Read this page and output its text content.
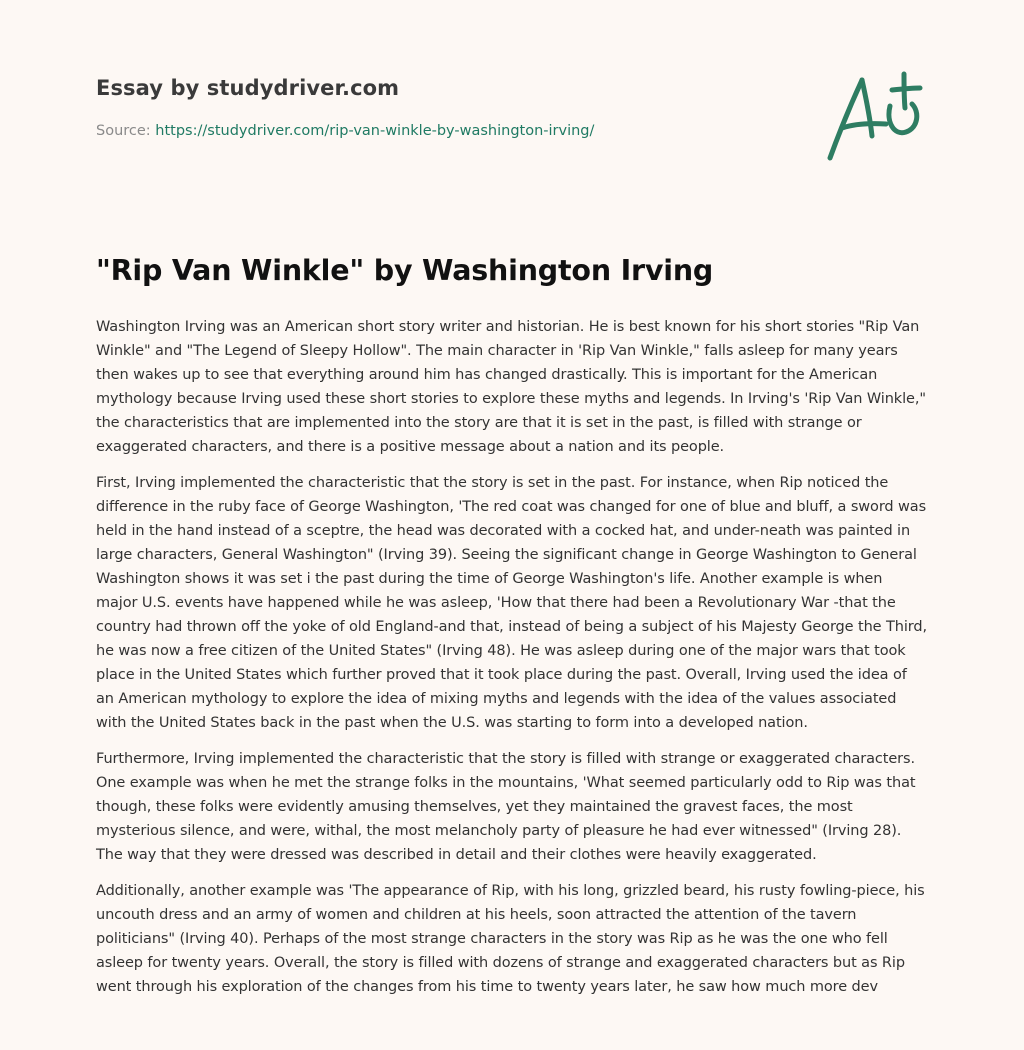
Essay by studydriver.com
Source: https://studydriver.com/rip-van-winkle-by-washington-irving/
"Rip Van Winkle" by Washington Irving

Washington Irving was an American short story writer and historian. He is best known for his short stories "Rip Van Winkle" and "The Legend of Sleepy Hollow". The main character in 'Rip Van Winkle," falls asleep for many years then wakes up to see that everything around him has changed drastically. This is important for the American mythology because Irving used these short stories to explore these myths and legends. In Irving's 'Rip Van Winkle," the characteristics that are implemented into the story are that it is set in the past, is filled with strange or exaggerated characters, and there is a positive message about a nation and its people.

First, Irving implemented the characteristic that the story is set in the past. For instance, when Rip noticed the difference in the ruby face of George Washington, 'The red coat was changed for one of blue and bluff, a sword was held in the hand instead of a sceptre, the head was decorated with a cocked hat, and under-neath was painted in large characters, General Washington" (Irving 39). Seeing the significant change in George Washington to General Washington shows it was set i the past during the time of George Washington's life. Another example is when major U.S. events have happened while he was asleep, 'How that there had been a Revolutionary War -that the country had thrown off the yoke of old England-and that, instead of being a subject of his Majesty George the Third, he was now a free citizen of the United States" (Irving 48). He was asleep during one of the major wars that took place in the United States which further proved that it took place during the past. Overall, Irving used the idea of an American mythology to explore the idea of mixing myths and legends with the idea of the values associated with the United States back in the past when the U.S. was starting to form into a developed nation.

Furthermore, Irving implemented the characteristic that the story is filled with strange or exaggerated characters. One example was when he met the strange folks in the mountains, 'What seemed particularly odd to Rip was that though, these folks were evidently amusing themselves, yet they maintained the gravest faces, the most mysterious silence, and were, withal, the most melancholy party of pleasure he had ever witnessed" (Irving 28). The way that they were dressed was described in detail and their clothes were heavily exaggerated.

Additionally, another example was 'The appearance of Rip, with his long, grizzled beard, his rusty fowling-piece, his uncouth dress and an army of women and children at his heels, soon attracted the attention of the tavern politicians" (Irving 40). Perhaps of the most strange characters in the story was Rip as he was the one who fell asleep for twenty years. Overall, the story is filled with dozens of strange and exaggerated characters but as Rip went through his exploration of the changes from his time to twenty years later, he saw how much more dev
